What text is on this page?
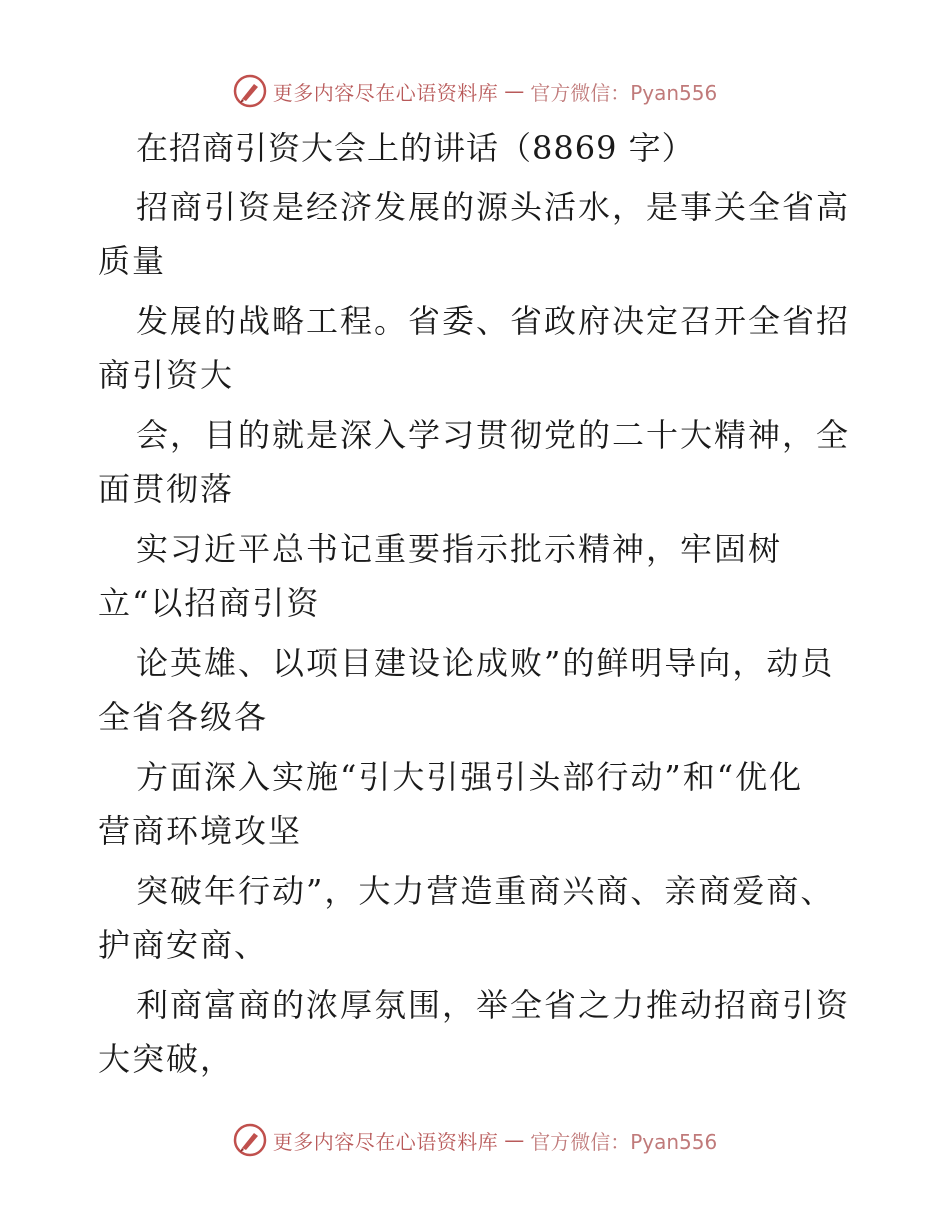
更多内容尽在心语资料库 — 官方微信：Pyan556
在招商引资大会上的讲话（8869 字）
招商引资是经济发展的源头活水，是事关全省高
质量
发展的战略工程。省委、省政府决定召开全省招
商引资大
会，目的就是深入学习贯彻党的二十大精神，全
面贯彻落
实习近平总书记重要指示批示精神，牢固树
立“以招商引资
论英雄、以项目建设论成败”的鲜明导向，动员
全省各级各
方面深入实施“引大引强引头部行动”和“优化
营商环境攻坚
突破年行动”，大力营造重商兴商、亲商爱商、
护商安商、
利商富商的浓厚氛围，举全省之力推动招商引资
大突破，
更多内容尽在心语资料库 — 官方微信：Pyan556
